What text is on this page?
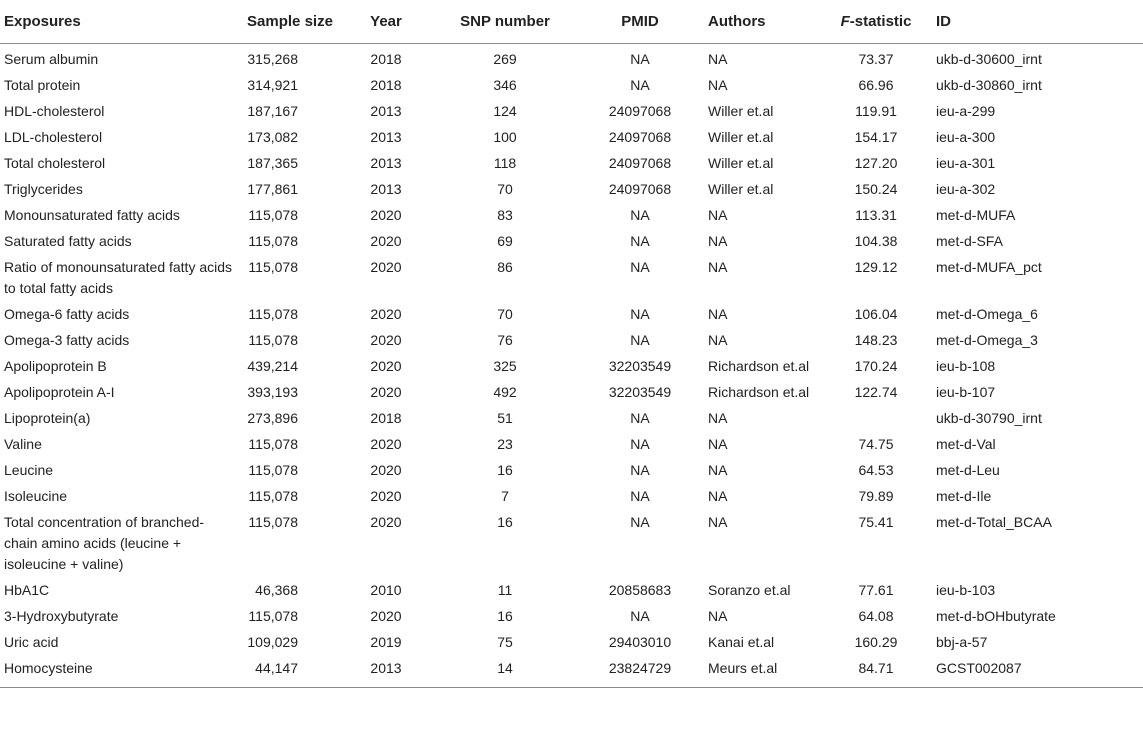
Exposures	Sample size	Year	SNP number	PMID	Authors	F-statistic	ID
Serum albumin	315,268	2018	269	NA	NA	73.37	ukb-d-30600_irnt
Total protein	314,921	2018	346	NA	NA	66.96	ukb-d-30860_irnt
HDL-cholesterol	187,167	2013	124	24097068	Willer et.al	119.91	ieu-a-299
LDL-cholesterol	173,082	2013	100	24097068	Willer et.al	154.17	ieu-a-300
Total cholesterol	187,365	2013	118	24097068	Willer et.al	127.20	ieu-a-301
Triglycerides	177,861	2013	70	24097068	Willer et.al	150.24	ieu-a-302
Monounsaturated fatty acids	115,078	2020	83	NA	NA	113.31	met-d-MUFA
Saturated fatty acids	115,078	2020	69	NA	NA	104.38	met-d-SFA
Ratio of monounsaturated fatty acids to total fatty acids	115,078	2020	86	NA	NA	129.12	met-d-MUFA_pct
Omega-6 fatty acids	115,078	2020	70	NA	NA	106.04	met-d-Omega_6
Omega-3 fatty acids	115,078	2020	76	NA	NA	148.23	met-d-Omega_3
Apolipoprotein B	439,214	2020	325	32203549	Richardson et.al	170.24	ieu-b-108
Apolipoprotein A-I	393,193	2020	492	32203549	Richardson et.al	122.74	ieu-b-107
Lipoprotein(a)	273,896	2018	51	NA	NA		ukb-d-30790_irnt
Valine	115,078	2020	23	NA	NA	74.75	met-d-Val
Leucine	115,078	2020	16	NA	NA	64.53	met-d-Leu
Isoleucine	115,078	2020	7	NA	NA	79.89	met-d-Ile
Total concentration of branched-chain amino acids (leucine + isoleucine + valine)	115,078	2020	16	NA	NA	75.41	met-d-Total_BCAA
HbA1C	46,368	2010	11	20858683	Soranzo et.al	77.61	ieu-b-103
3-Hydroxybutyrate	115,078	2020	16	NA	NA	64.08	met-d-bOHbutyrate
Uric acid	109,029	2019	75	29403010	Kanai et.al	160.29	bbj-a-57
Homocysteine	44,147	2013	14	23824729	Meurs et.al	84.71	GCST002087
